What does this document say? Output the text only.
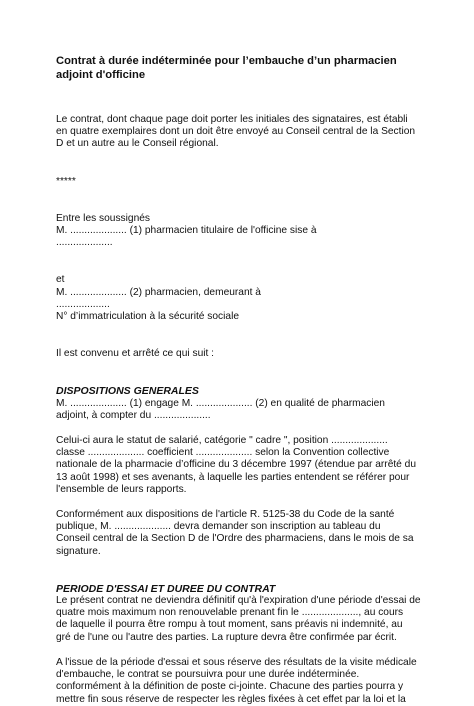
Contrat à durée indéterminée pour l’embauche d’un pharmacien

adjoint d'officine

Le contrat, dont chaque page doit porter les initiales des signataires, est établi

en quatre exemplaires dont un doit être envoyé au Conseil central de la Section

D et un autre au le Conseil régional.

*****

Entre les soussignés

M. .................... (1) pharmacien titulaire de l'officine sise à

....................

et

M. .................... (2) pharmacien, demeurant à

...................

N° d’immatriculation à la sécurité sociale

Il est convenu et arrêté ce qui suit :

DISPOSITIONS GENERALES

M. .................... (1) engage M. .................... (2) en qualité de pharmacien

adjoint, à compter du ....................

Celui-ci aura le statut de salarié, catégorie " cadre ", position ....................

classe .................... coefficient .................... selon la Convention collective

nationale de la pharmacie d’officine du 3 décembre 1997 (étendue par arrêté du

13 août 1998) et ses avenants, à laquelle les parties entendent se référer pour

l'ensemble de leurs rapports.

Conformément aux dispositions de l'article R. 5125-38 du Code de la santé

publique, M. .................... devra demander son inscription au tableau du

Conseil central de la Section D de l'Ordre des pharmaciens, dans le mois de sa

signature.

PERIODE D'ESSAI ET DUREE DU CONTRAT

Le présent contrat ne deviendra définitif qu'à l'expiration d'une période d'essai de

quatre mois maximum non renouvelable prenant fin le ...................., au cours

de laquelle il pourra être rompu à tout moment, sans préavis ni indemnité, au

gré de l'une ou l'autre des parties. La rupture devra être confirmée par écrit.

A l'issue de la période d'essai et sous réserve des résultats de la visite médicale

d'embauche, le contrat se poursuivra pour une durée indéterminée.

conformément à la définition de poste ci-jointe. Chacune des parties pourra y

mettre fin sous réserve de respecter les règles fixées à cet effet par la loi et la
